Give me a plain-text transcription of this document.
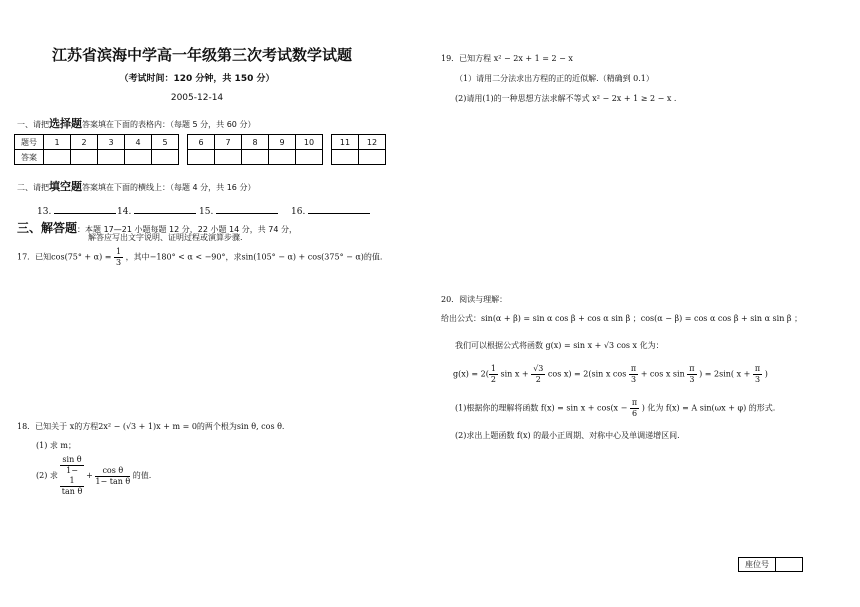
江苏省滨海中学高一年级第三次考试数学试题
（考试时间：120 分钟，共 150 分）
2005-12-14
一、请把选择题答案填在下面的表格内：（每题 5 分，共 60 分）
题号	1	2	3	4	5		6	7	8	9	10		11	12
答案														
二、请把填空题答案填在下面的横线上：（每题 4 分，共 16 分）
13.	14.	15.	16.
三、解答题：本题 17—21 小题每题 12 分，22 小题 14 分，共 74 分，
解答应写出文字说明、证明过程或演算步骤.
17．已知$\cos(75^\circ + \alpha) = \frac{1}{3}$ ，其中−180° < α < −90°，求sin(105° − α) + cos(375° − α)的值.
18．已知关于 x的方程2x² − (√3 + 1)x + m = 0的两个根为sin θ, cos θ.
(1) 求 m；
(2) 求 sin θ
1−
1
$\tan \theta + \frac{\text{cos θ}}{\text{1− tan θ}}$ 的值.
19．已知方程 x² − 2x + 1 = 2 − x
（1）请用二分法求出方程的正的近似解.（精确到 0.1）
(2)请用(1)的一种思想方法求解不等式 x² − 2x + 1 ≥ 2 − x .
20．阅读与理解：
给出公式：sin(α + β) = sin α cos β + cos α sin β ；cos(α − β) = cos α cos β + sin α sin β ；
我们可以根据公式将函数 g(x) = sin x + √3 cos x 化为：
$g(x) = 2( \frac{1}{2}$ $\sin x + \frac{√3}{2}$ cos x) = 2(sin x $\cos \frac{\pi}{3} + \cos x$ $\sin \frac{\pi}{3}$ ) = 2sin( $x + \frac{\pi}{3}$ )
(1)根据你的理解将函数 $f(x) = \sin x + \cos(x - \frac{\pi}{6}$ ) 化为 f(x) = A sin(ωx + φ) 的形式.
(2)求出上题函数 f(x) 的最小正周期、对称中心及单调递增区间.
座位号
